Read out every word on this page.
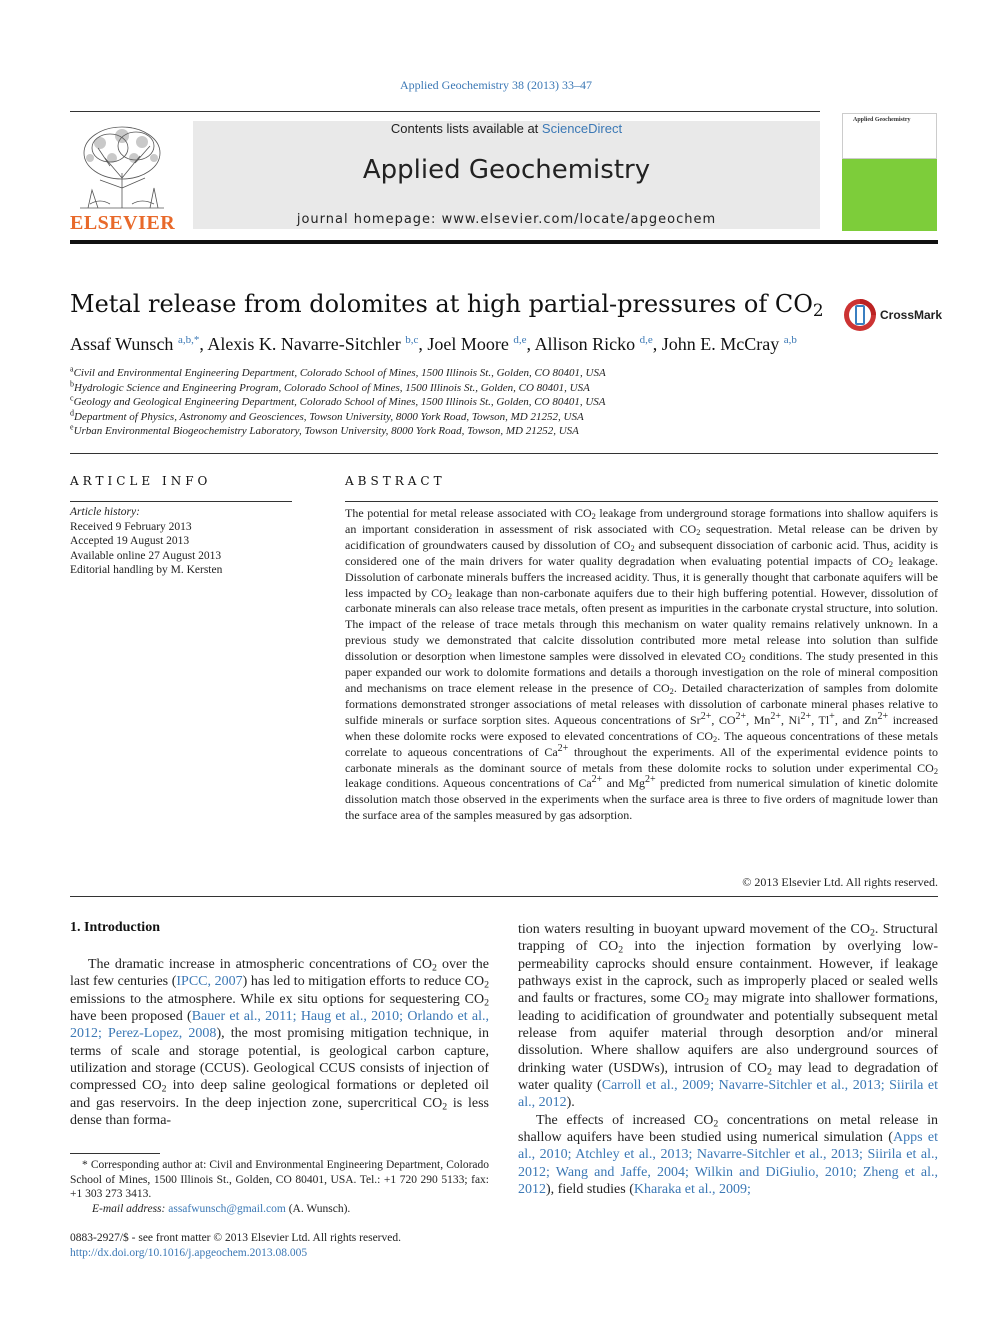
Applied Geochemistry 38 (2013) 33–47
ELSEVIER
Contents lists available at ScienceDirect
Applied Geochemistry
journal homepage: www.elsevier.com/locate/apgeochem
Applied Geochemistry
Metal release from dolomites at high partial-pressures of $CO_2$	CrossMark
Assaf Wunsch $^{a,b,*}$, Alexis K. Navarre-Sitchler $^{b,c}$, Joel Moore $^{d,e}$, Allison Ricko $^{d,e}$, John E. McCray $^{a,b}$
$^a$Civil and Environmental Engineering Department, Colorado School of Mines, 1500 Illinois St., Golden, CO 80401, USA
$^b$Hydrologic Science and Engineering Program, Colorado School of Mines, 1500 Illinois St., Golden, CO 80401, USA
$^c$Geology and Geological Engineering Department, Colorado School of Mines, 1500 Illinois St., Golden, CO 80401, USA
$^d$Department of Physics, Astronomy and Geosciences, Towson University, 8000 York Road, Towson, MD 21252, USA
$^e$Urban Environmental Biogeochemistry Laboratory, Towson University, 8000 York Road, Towson, MD 21252, USA
ARTICLE INFO
Article history:
Received 9 February 2013
Accepted 19 August 2013
Available online 27 August 2013
Editorial handling by M. Kersten
ABSTRACT

The potential for metal release associated with $CO_2$ leakage from underground storage formations into shallow aquifers is an important consideration in assessment of risk associated with $CO_2$ sequestration. Metal release can be driven by acidification of groundwaters caused by dissolution of $CO_2$ and subsequent dissociation of carbonic acid. Thus, acidity is considered one of the main drivers for water quality degradation when evaluating potential impacts of $CO_2$ leakage. Dissolution of carbonate minerals buffers the increased acidity. Thus, it is generally thought that carbonate aquifers will be less impacted by $CO_2$ leakage than non-carbonate aquifers due to their high buffering potential. However, dissolution of carbonate minerals can also release trace metals, often present as impurities in the carbonate crystal structure, into solution. The impact of the release of trace metals through this mechanism on water quality remains relatively unknown. In a previous study we demonstrated that calcite dissolution contributed more metal release into solution than sulfide dissolution or desorption when limestone samples were dissolved in elevated $CO_2$ conditions. The study presented in this paper expanded our work to dolomite formations and details a thorough investigation on the role of mineral composition and mechanisms on trace element release in the presence of $CO_2$. Detailed characterization of samples from dolomite formations demonstrated stronger associations of metal releases with dissolution of carbonate mineral phases relative to sulfide minerals or surface sorption sites. Aqueous concentrations of $Sr^{2+}$, $CO^{2+}$, $Mn^{2+}$, $Ni^{2+}$, Tl+, and $Zn^{2+}$ increased when these dolomite rocks were exposed to elevated concentrations of $CO_2$. The aqueous concentrations of these metals correlate to aqueous concentrations of $Ca^{2+}$ throughout the experiments. All of the experimental evidence points to carbonate minerals as the dominant source of metals from these dolomite rocks to solution under experimental $CO_2$ leakage conditions. Aqueous concentrations of $Ca^{2+}$ and $Mg^{2+}$ predicted from numerical simulation of kinetic dolomite dissolution match those observed in the experiments when the surface area is three to five orders of magnitude lower than the surface area of the samples measured by gas adsorption.

© 2013 Elsevier Ltd. All rights reserved.
1. Introduction

The dramatic increase in atmospheric concentrations of $CO_2$ over the last few centuries (IPCC, 2007) has led to mitigation efforts to reduce $CO_2$ emissions to the atmosphere. While ex situ options for sequestering $CO_2$ have been proposed (Bauer et al., 2011; Haug et al., 2010; Orlando et al., 2012; Perez-Lopez, 2008), the most promising mitigation technique, in terms of scale and storage potential, is geological carbon capture, utilization and storage (CCUS). Geological CCUS consists of injection of compressed $CO_2$ into deep saline geological formations or depleted oil and gas reservoirs. In the deep injection zone, supercritical $CO_2$ is less dense than forma-

tion waters resulting in buoyant upward movement of the $CO_2$. Structural trapping of $CO_2$ into the injection formation by overlying low-permeability caprocks should ensure containment. However, if leakage pathways exist in the caprock, such as improperly placed or sealed wells and faults or fractures, some $CO_2$ may migrate into shallower formations, leading to acidification of groundwater and potentially subsequent metal release from aquifer material through desorption and/or mineral dissolution. Where shallow aquifers are also underground sources of drinking water (USDWs), intrusion of $CO_2$ may lead to degradation of water quality (Carroll et al., 2009; Navarre-Sitchler et al., 2013; Siirila et al., 2012).

The effects of increased $CO_2$ concentrations on metal release in shallow aquifers have been studied using numerical simulation (Apps et al., 2010; Atchley et al., 2013; Navarre-Sitchler et al., 2013; Siirila et al., 2012; Wang and Jaffe, 2004; Wilkin and DiGiulio, 2010; Zheng et al., 2012), field studies (Kharaka et al., 2009;

* Corresponding author at: Civil and Environmental Engineering Department, Colorado School of Mines, 1500 Illinois St., Golden, CO 80401, USA. Tel.: +1 720 290 5133; fax: +1 303 273 3413.
E-mail address: assafwunsch@gmail.com (A. Wunsch).
0883-2927/$ - see front matter © 2013 Elsevier Ltd. All rights reserved.
http://dx.doi.org/10.1016/j.apgeochem.2013.08.005
